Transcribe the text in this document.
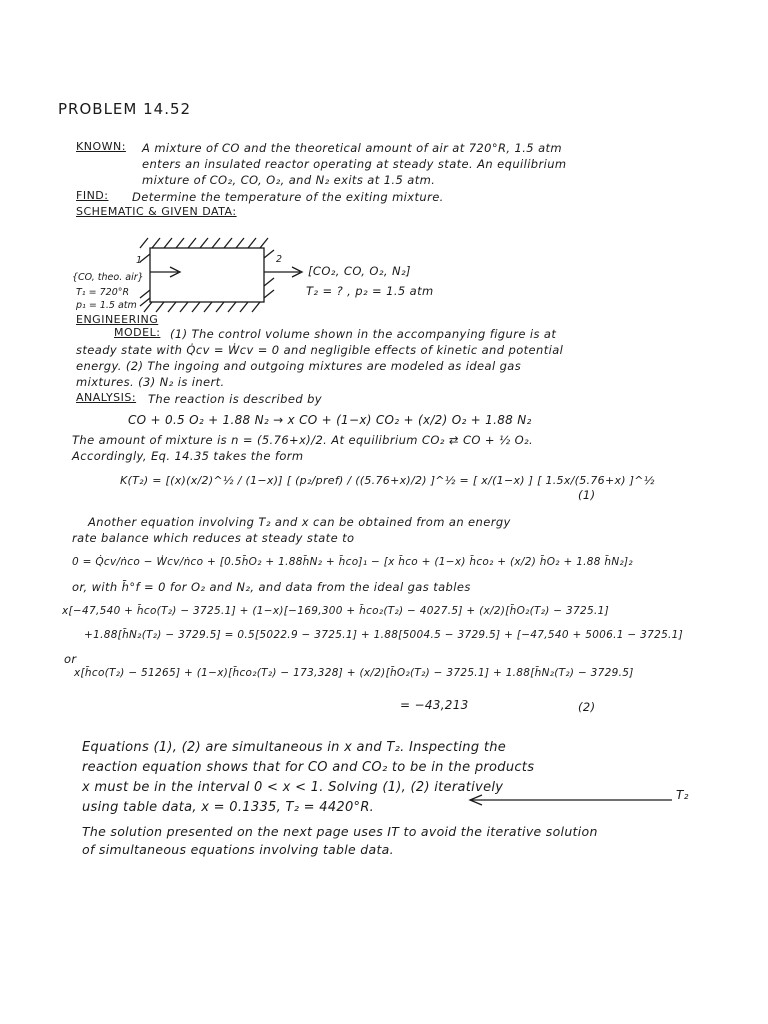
PROBLEM 14.52
KNOWN: A mixture of CO and the theoretical amount of air at 720°R, 1.5 atm
enters an insulated reactor operating at steady state. An equilibrium
mixture of CO₂, CO, O₂, and N₂ exits at 1.5 atm.
FIND: Determine the temperature of the exiting mixture.
SCHEMATIC & GIVEN DATA:
1	2
{CO, theo. air}
T₁ = 720°R
p₁ = 1.5 atm
[CO₂, CO, O₂, N₂]
T₂ = ? , p₂ = 1.5 atm
ENGINEERING
MODEL: (1) The control volume shown in the accompanying figure is at
steady state with Q̇cv = Ẇcv = 0 and negligible effects of kinetic and potential
energy. (2) The ingoing and outgoing mixtures are modeled as ideal gas
mixtures. (3) N₂ is inert.
ANALYSIS: The reaction is described by
CO + 0.5 O₂ + 1.88 N₂ → x CO + (1−x) CO₂ + (x/2) O₂ + 1.88 N₂
The amount of mixture is n = (5.76+x)/2. At equilibrium CO₂ ⇄ CO + ½ O₂.
Accordingly, Eq. 14.35 takes the form
K(T₂) = [(x)(x/2)^½ / (1−x)] [ (p₂/pref) / ((5.76+x)/2) ]^½ = [ x/(1−x) ] [ 1.5x/(5.76+x) ]^½
(1)
Another equation involving T₂ and x can be obtained from an energy
rate balance which reduces at steady state to
0 = Q̇cv/ṅco − Ẇcv/ṅco + [0.5h̄O₂ + 1.88h̄N₂ + h̄co]₁ − [x h̄co + (1−x) h̄co₂ + (x/2) h̄O₂ + 1.88 h̄N₂]₂
or, with h̄°f = 0 for O₂ and N₂, and data from the ideal gas tables
x[−47,540 + h̄co(T₂) − 3725.1] + (1−x)[−169,300 + h̄co₂(T₂) − 4027.5] + (x/2)[h̄O₂(T₂) − 3725.1]
+1.88[h̄N₂(T₂) − 3729.5] = 0.5[5022.9 − 3725.1] + 1.88[5004.5 − 3729.5] + [−47,540 + 5006.1 − 3725.1]
or
x[h̄co(T₂) − 51265] + (1−x)[h̄co₂(T₂) − 173,328] + (x/2)[h̄O₂(T₂) − 3725.1] + 1.88[h̄N₂(T₂) − 3729.5]
= −43,213	(2)
Equations (1), (2) are simultaneous in x and T₂. Inspecting the
reaction equation shows that for CO and CO₂ to be in the products
x must be in the interval 0 < x < 1. Solving (1), (2) iteratively
using table data, x = 0.1335, T₂ = 4420°R.
T₂
The solution presented on the next page uses IT to avoid the iterative solution
of simultaneous equations involving table data.
